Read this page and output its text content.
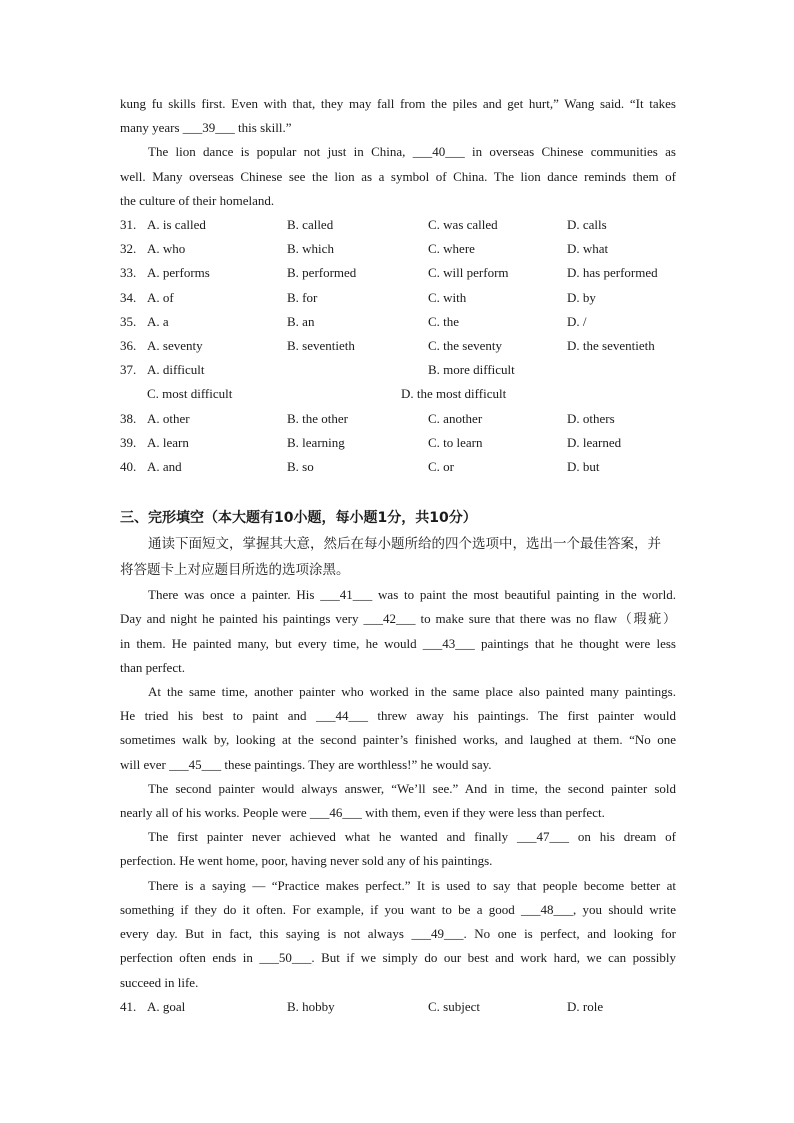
kung fu skills first. Even with that, they may fall from the piles and get hurt,” Wang said. “It takes
many years ___39___ this skill.”
The lion dance is popular not just in China, ___40___ in overseas Chinese communities as
well. Many overseas Chinese see the lion as a symbol of China. The lion dance reminds them of
the culture of their homeland.
31. A. is called	B. called	C. was called	D. calls
32. A. who	B. which	C. where	D. what
33. A. performs	B. performed	C. will perform	D. has performed
34. A. of	B. for	C. with	D. by
35. A. a	B. an	C. the	D. /
36. A. seventy	B. seventieth	C. the seventy	D. the seventieth
37. A. difficult	B. more difficult
C. most difficult	D. the most difficult
38. A. other	B. the other	C. another	D. others
39. A. learn	B. learning	C. to learn	D. learned
40. A. and	B. so	C. or	D. but
三、完形填空（本大题有10小题，每小题1分，共10分）
通读下面短文，掌握其大意，然后在每小题所给的四个选项中，选出一个最佳答案，并
将答题卡上对应题目所选的选项涂黑。
There was once a painter. His ___41___ was to paint the most beautiful painting in the world.
Day and night he painted his paintings very ___42___ to make sure that there was no flaw（瑕疵）
in them. He painted many, but every time, he would ___43___ paintings that he thought were less
than perfect.
At the same time, another painter who worked in the same place also painted many paintings.
He tried his best to paint and ___44___ threw away his paintings. The first painter would
sometimes walk by, looking at the second painter’s finished works, and laughed at them. “No one
will ever ___45___ these paintings. They are worthless!” he would say.
The second painter would always answer, “We’ll see.” And in time, the second painter sold
nearly all of his works. People were ___46___ with them, even if they were less than perfect.
The first painter never achieved what he wanted and finally ___47___ on his dream of
perfection. He went home, poor, having never sold any of his paintings.
There is a saying — “Practice makes perfect.” It is used to say that people become better at
something if they do it often. For example, if you want to be a good ___48___, you should write
every day. But in fact, this saying is not always ___49___. No one is perfect, and looking for
perfection often ends in ___50___. But if we simply do our best and work hard, we can possibly
succeed in life.
41. A. goal	B. hobby	C. subject	D. role
